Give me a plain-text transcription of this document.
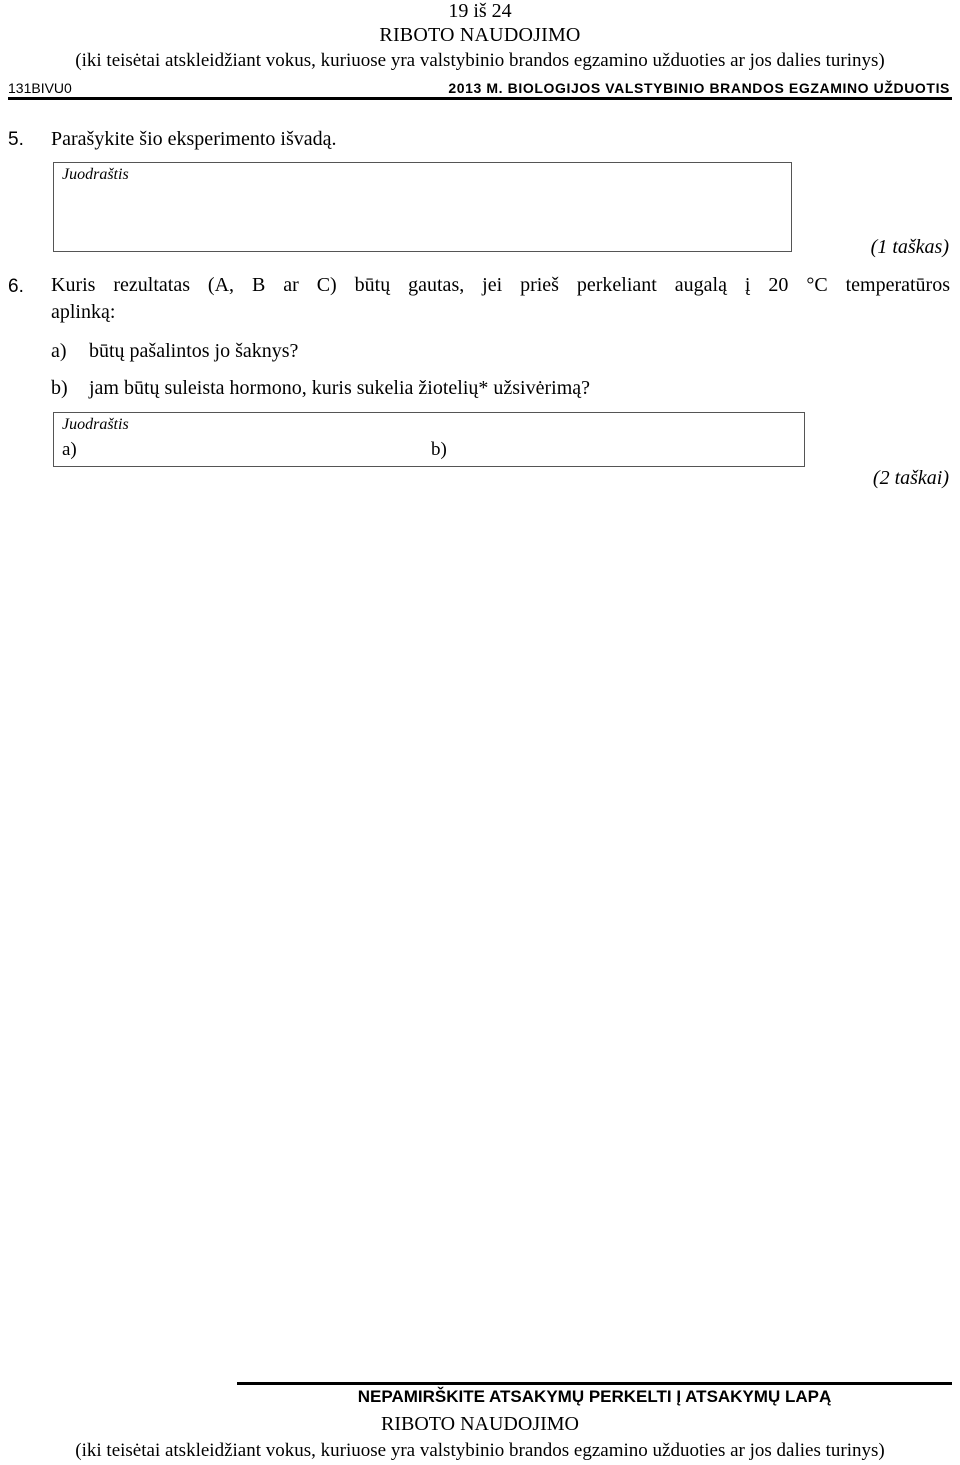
19 iš 24
RIBOTO NAUDOJIMO
(iki teisėtai atskleidžiant vokus, kuriuose yra valstybinio brandos egzamino užduoties ar jos dalies turinys)
131BIVU0	2013 M. BIOLOGIJOS VALSTYBINIO BRANDOS EGZAMINO UŽDUOTIS
5. Parašykite šio eksperimento išvadą.
Juodraštis
(1 taškas)
6. Kuris rezultatas (A, B ar C) būtų gautas, jei prieš perkeliant augalą į 20 °C temperatūros
aplinką:
a) būtų pašalintos jo šaknys?
b) jam būtų suleista hormono, kuris sukelia žiotelių* užsivėrimą?
Juodraštis
a)	b)
(2 taškai)
NEPAMIRŠKITE ATSAKYMŲ PERKELTI Į ATSAKYMŲ LAPĄ
RIBOTO NAUDOJIMO
(iki teisėtai atskleidžiant vokus, kuriuose yra valstybinio brandos egzamino užduoties ar jos dalies turinys)
